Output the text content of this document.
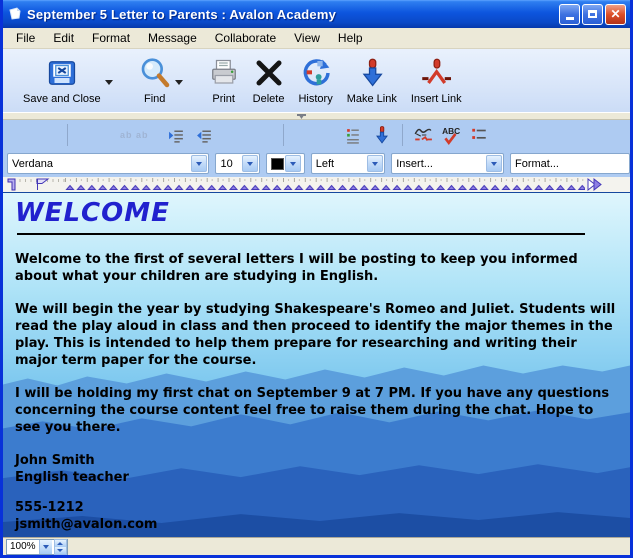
September 5 Letter to Parents : Avalon Academy	✕
File	Edit	Format	Message	Collaborate	View	Help
Save and Close	Find	Print Delete History Make Link Insert Link
ab ab	ABC
Verdana	10	Left	Insert...	Format...
WELCOME

Welcome to the first of several letters I will be posting to keep you informed about what your children are studying in English.

We will begin the year by studying Shakespeare's Romeo and Juliet. Students will read the play aloud in class and then proceed to identify the major themes in the play. This is intended to help them prepare for researching and writing their major term paper for the course.

I will be holding my first chat on September 9 at 7 PM. If you have any questions concerning the course content feel free to raise them during the chat. Hope to see you there.

John Smith
English teacher
555-1212
jsmith@avalon.com
100%
